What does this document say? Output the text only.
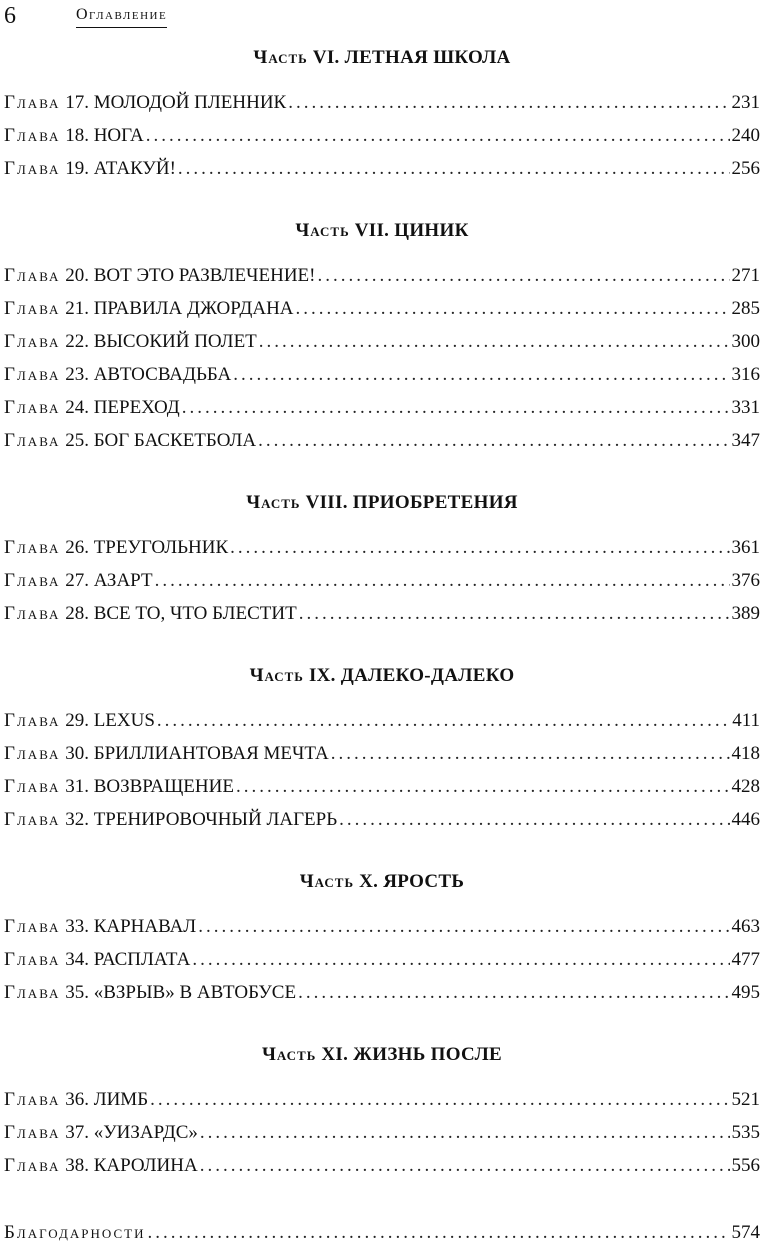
6	Оглавление
Часть VI. ЛЕТНАЯ ШКОЛА
Глава 17. МОЛОДОЙ ПЛЕННИК .....	231
Глава 18. НОГА .....	240
Глава 19. АТАКУЙ! .....	256
Часть VII. ЦИНИК
Глава 20. ВОТ ЭТО РАЗВЛЕЧЕНИЕ! .....	271
Глава 21. ПРАВИЛА ДЖОРДАНА .....	285
Глава 22. ВЫСОКИЙ ПОЛЕТ .....	300
Глава 23. АВТОСВАДЬБА .....	316
Глава 24. ПЕРЕХОД .....	331
Глава 25. БОГ БАСКЕТБОЛА .....	347
Часть VIII. ПРИОБРЕТЕНИЯ
Глава 26. ТРЕУГОЛЬНИК .....	361
Глава 27. АЗАРТ .....	376
Глава 28. ВСЕ ТО, ЧТО БЛЕСТИТ .....	389
Часть IX. ДАЛЕКО-ДАЛЕКО
Глава 29. LEXUS .....	411
Глава 30. БРИЛЛИАНТОВАЯ МЕЧТА .....	418
Глава 31. ВОЗВРАЩЕНИЕ .....	428
Глава 32. ТРЕНИРОВОЧНЫЙ ЛАГЕРЬ .....	446
Часть X. ЯРОСТЬ
Глава 33. КАРНАВАЛ .....	463
Глава 34. РАСПЛАТА .....	477
Глава 35. «ВЗРЫВ» В АВТОБУСЕ .....	495
Часть XI. ЖИЗНЬ ПОСЛЕ
Глава 36. ЛИМБ .....	521
Глава 37. «УИЗАРДС» .....	535
Глава 38. КАРОЛИНА .....	556
Благодарности .....	574
